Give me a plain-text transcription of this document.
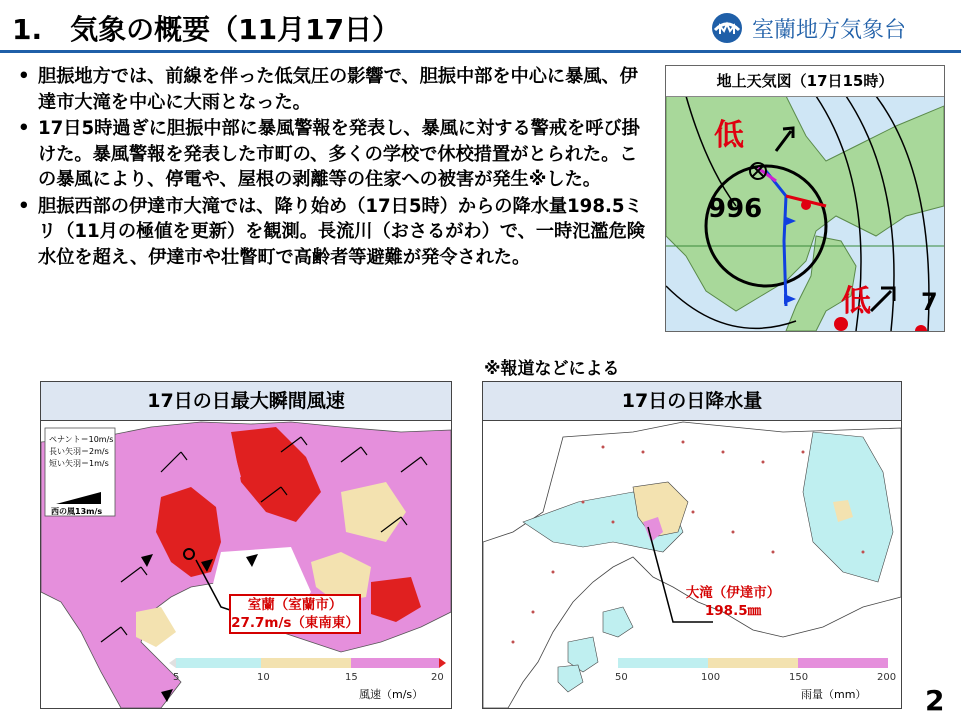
1.　気象の概要（11月17日）	室蘭地方気象台
• 胆振地方では、前線を伴った低気圧の影響で、胆振中部を中心に暴風、伊達市大滝を中心に大雨となった。
• 17日5時過ぎに胆振中部に暴風警報を発表し、暴風に対する警戒を呼び掛けた。暴風警報を発表した市町の、多くの学校で休校措置がとられた。この暴風により、停電や、屋根の剥離等の住家への被害が発生※した。
• 胆振西部の伊達市大滝では、降り始め（17日5時）からの降水量198.5ミリ（11月の極値を更新）を観測。長流川（おさるがわ）で、一時氾濫危険水位を超え、伊達市や壮瞥町で高齢者等避難が発令された。
※報道などによる
地上天気図（17日15時）
低
低
996
7
17日の日最大瞬間風速
ペナント＝10m/s
長い矢羽＝2m/s
短い矢羽＝1m/s
西の風13m/s
室蘭（室蘭市）
27.7m/s（東南東）
5	10	15	20
風速（m/s）
17日の日降水量
大滝（伊達市）
198.5㎜
50	100	150	200
雨量（mm） 2
